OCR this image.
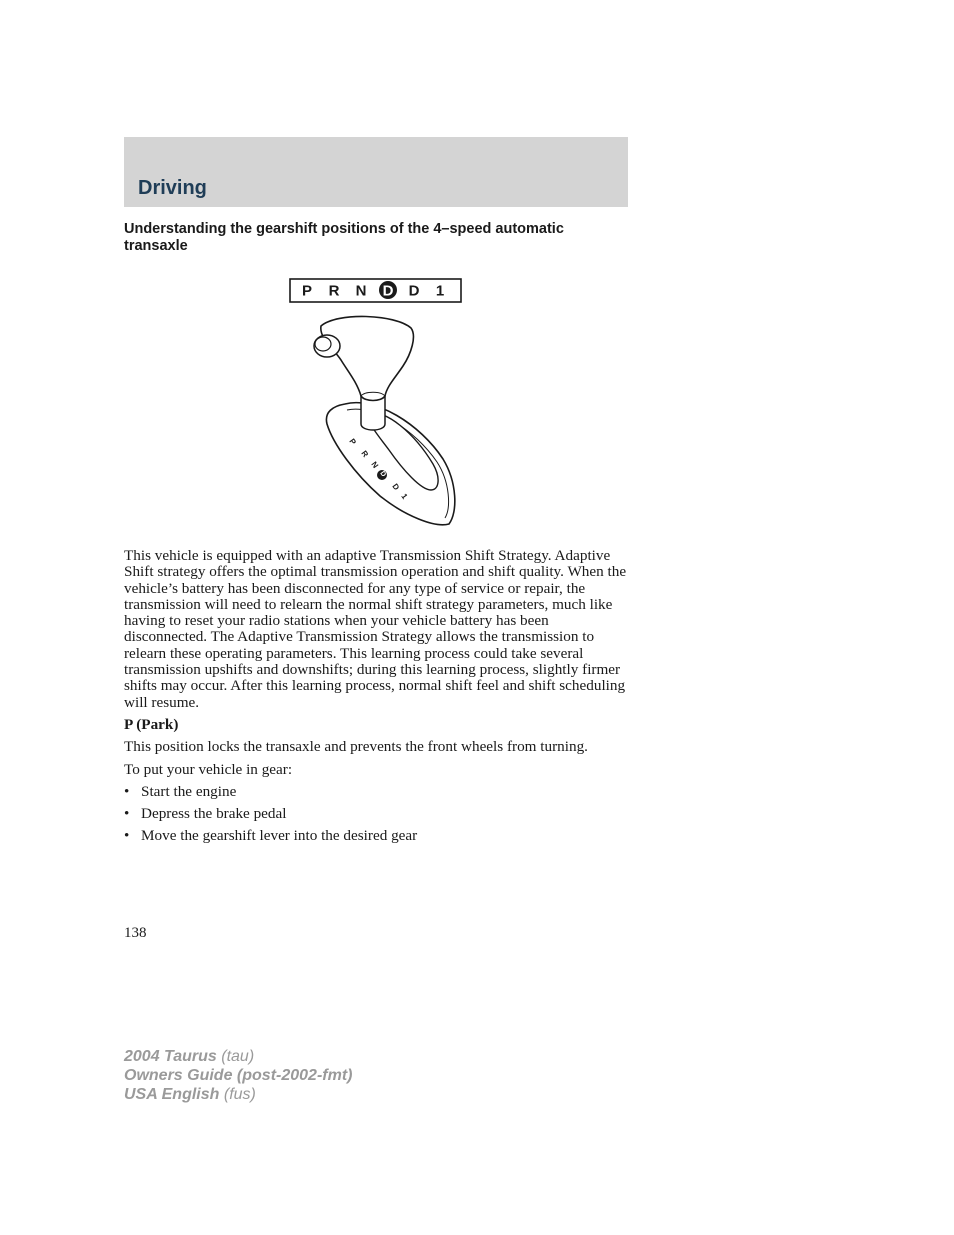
Driving
Understanding the gearshift positions of the 4–speed automatic transaxle
P R N D D 1
P
R
N
D
D
1

This vehicle is equipped with an adaptive Transmission Shift Strategy. Adaptive Shift strategy offers the optimal transmission operation and shift quality. When the vehicle’s battery has been disconnected for any type of service or repair, the transmission will need to relearn the normal shift strategy parameters, much like having to reset your radio stations when your vehicle battery has been disconnected. The Adaptive Transmission Strategy allows the transmission to relearn these operating parameters. This learning process could take several transmission upshifts and downshifts; during this learning process, slightly firmer shifts may occur. After this learning process, normal shift feel and shift scheduling will resume.

P (Park)

This position locks the transaxle and prevents the front wheels from turning.

To put your vehicle in gear:

• Start the engine
• Depress the brake pedal
• Move the gearshift lever into the desired gear
138
2004 Taurus (tau)
Owners Guide (post-2002-fmt)
USA English (fus)
